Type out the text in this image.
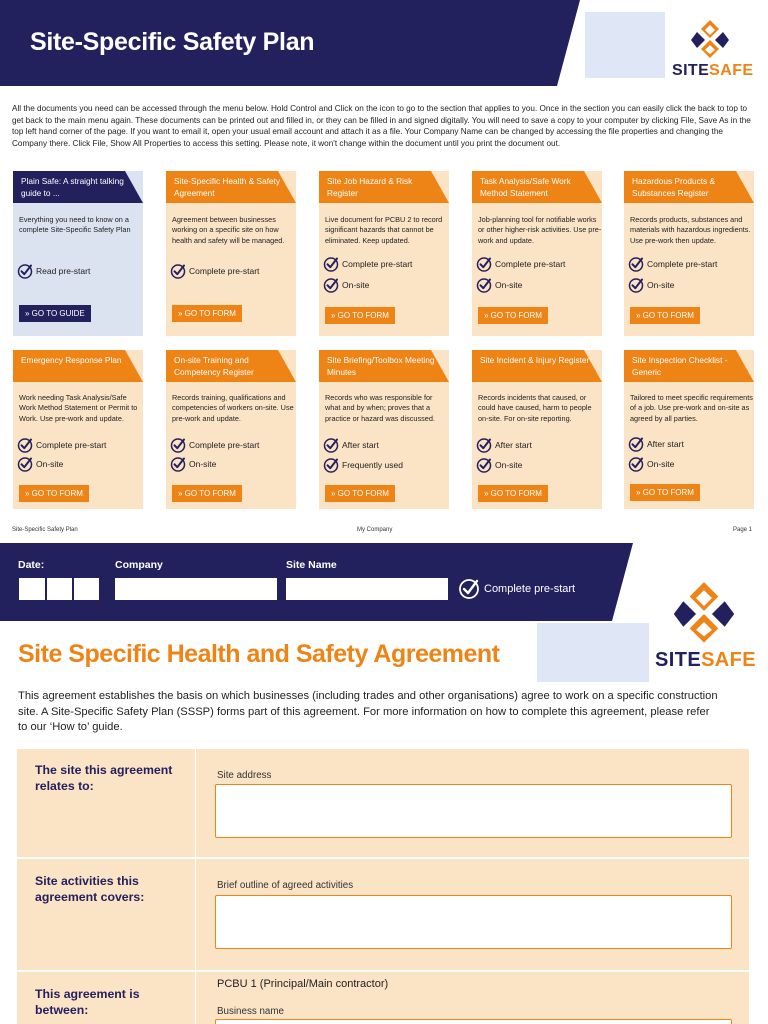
Site-Specific Safety Plan
SITESAFE
All the documents you need can be accessed through the menu below. Hold Control and Click on the icon to go to the section that applies to you. Once in the section you can easily click the back to top to get back to the main menu again. These documents can be printed out and filled in, or they can be filled in and signed digitally. You will need to save a copy to your computer by clicking File, Save As in the top left hand corner of the page. If you want to email it, open your usual email account and attach it as a file. Your Company Name can be changed by accessing the file properties and changing the Company there. Click File, Show All Properties to access this setting. Please note, it won't change within the document until you print the document out.
Plain Safe: A straight talking guide to ...
Everything you need to know on a complete Site-Specific Safety Plan
Read pre-start
» GO TO GUIDE
Site-Specific Health & Safety Agreement
Agreement between businesses working on a specific site on how health and safety will be managed.
Complete pre-start
» GO TO FORM
Site Job Hazard & Risk Register
Live document for PCBU 2 to record significant hazards that cannot be eliminated. Keep updated.
Complete pre-start
On-site
» GO TO FORM
Task Analysis/Safe Work Method Statement
Job-planning tool for notifiable works or other higher-risk activities. Use pre-work and update.
Complete pre-start
On-site
» GO TO FORM
Hazardous Products & Substances Register
Records products, substances and materials with hazardous ingredients. Use pre-work then update.
Complete pre-start
On-site
» GO TO FORM
Emergency Response Plan
Work needing Task Analysis/Safe Work Method Statement or Permit to Work. Use pre-work and update.
Complete pre-start
On-site
» GO TO FORM
On-site Training and Competency Register
Records training, qualifications and competencies of workers on-site. Use pre-work and update.
Complete pre-start
On-site
» GO TO FORM
Site Briefing/Toolbox Meeting Minutes
Records who was responsible for what and by when; proves that a practice or hazard was discussed.
After start
Frequently used
» GO TO FORM
Site Incident & Injury Register
Records incidents that caused, or could have caused, harm to people on-site. For on-site reporting.
After start
On-site
» GO TO FORM
Site Inspection Checklist - Generic
Tailored to meet specific requirements of a job. Use pre-work and on-site as agreed by all parties.
After start
On-site
» GO TO FORM
Site-Specific Safety Plan	My Company	Page 1
Date:	Company	Site Name
Complete pre-start
SITESAFE
Site Specific Health and Safety Agreement
This agreement establishes the basis on which businesses (including trades and other organisations) agree to work on a specific construction site. A Site-Specific Safety Plan (SSSP) forms part of this agreement. For more information on how to complete this agreement, please refer to our ‘How to’ guide.
The site this agreement relates to:
Site address
Site activities this agreement covers:
Brief outline of agreed activities
This agreement is between:
PCBU 1 (Principal/Main contractor)
Business name
